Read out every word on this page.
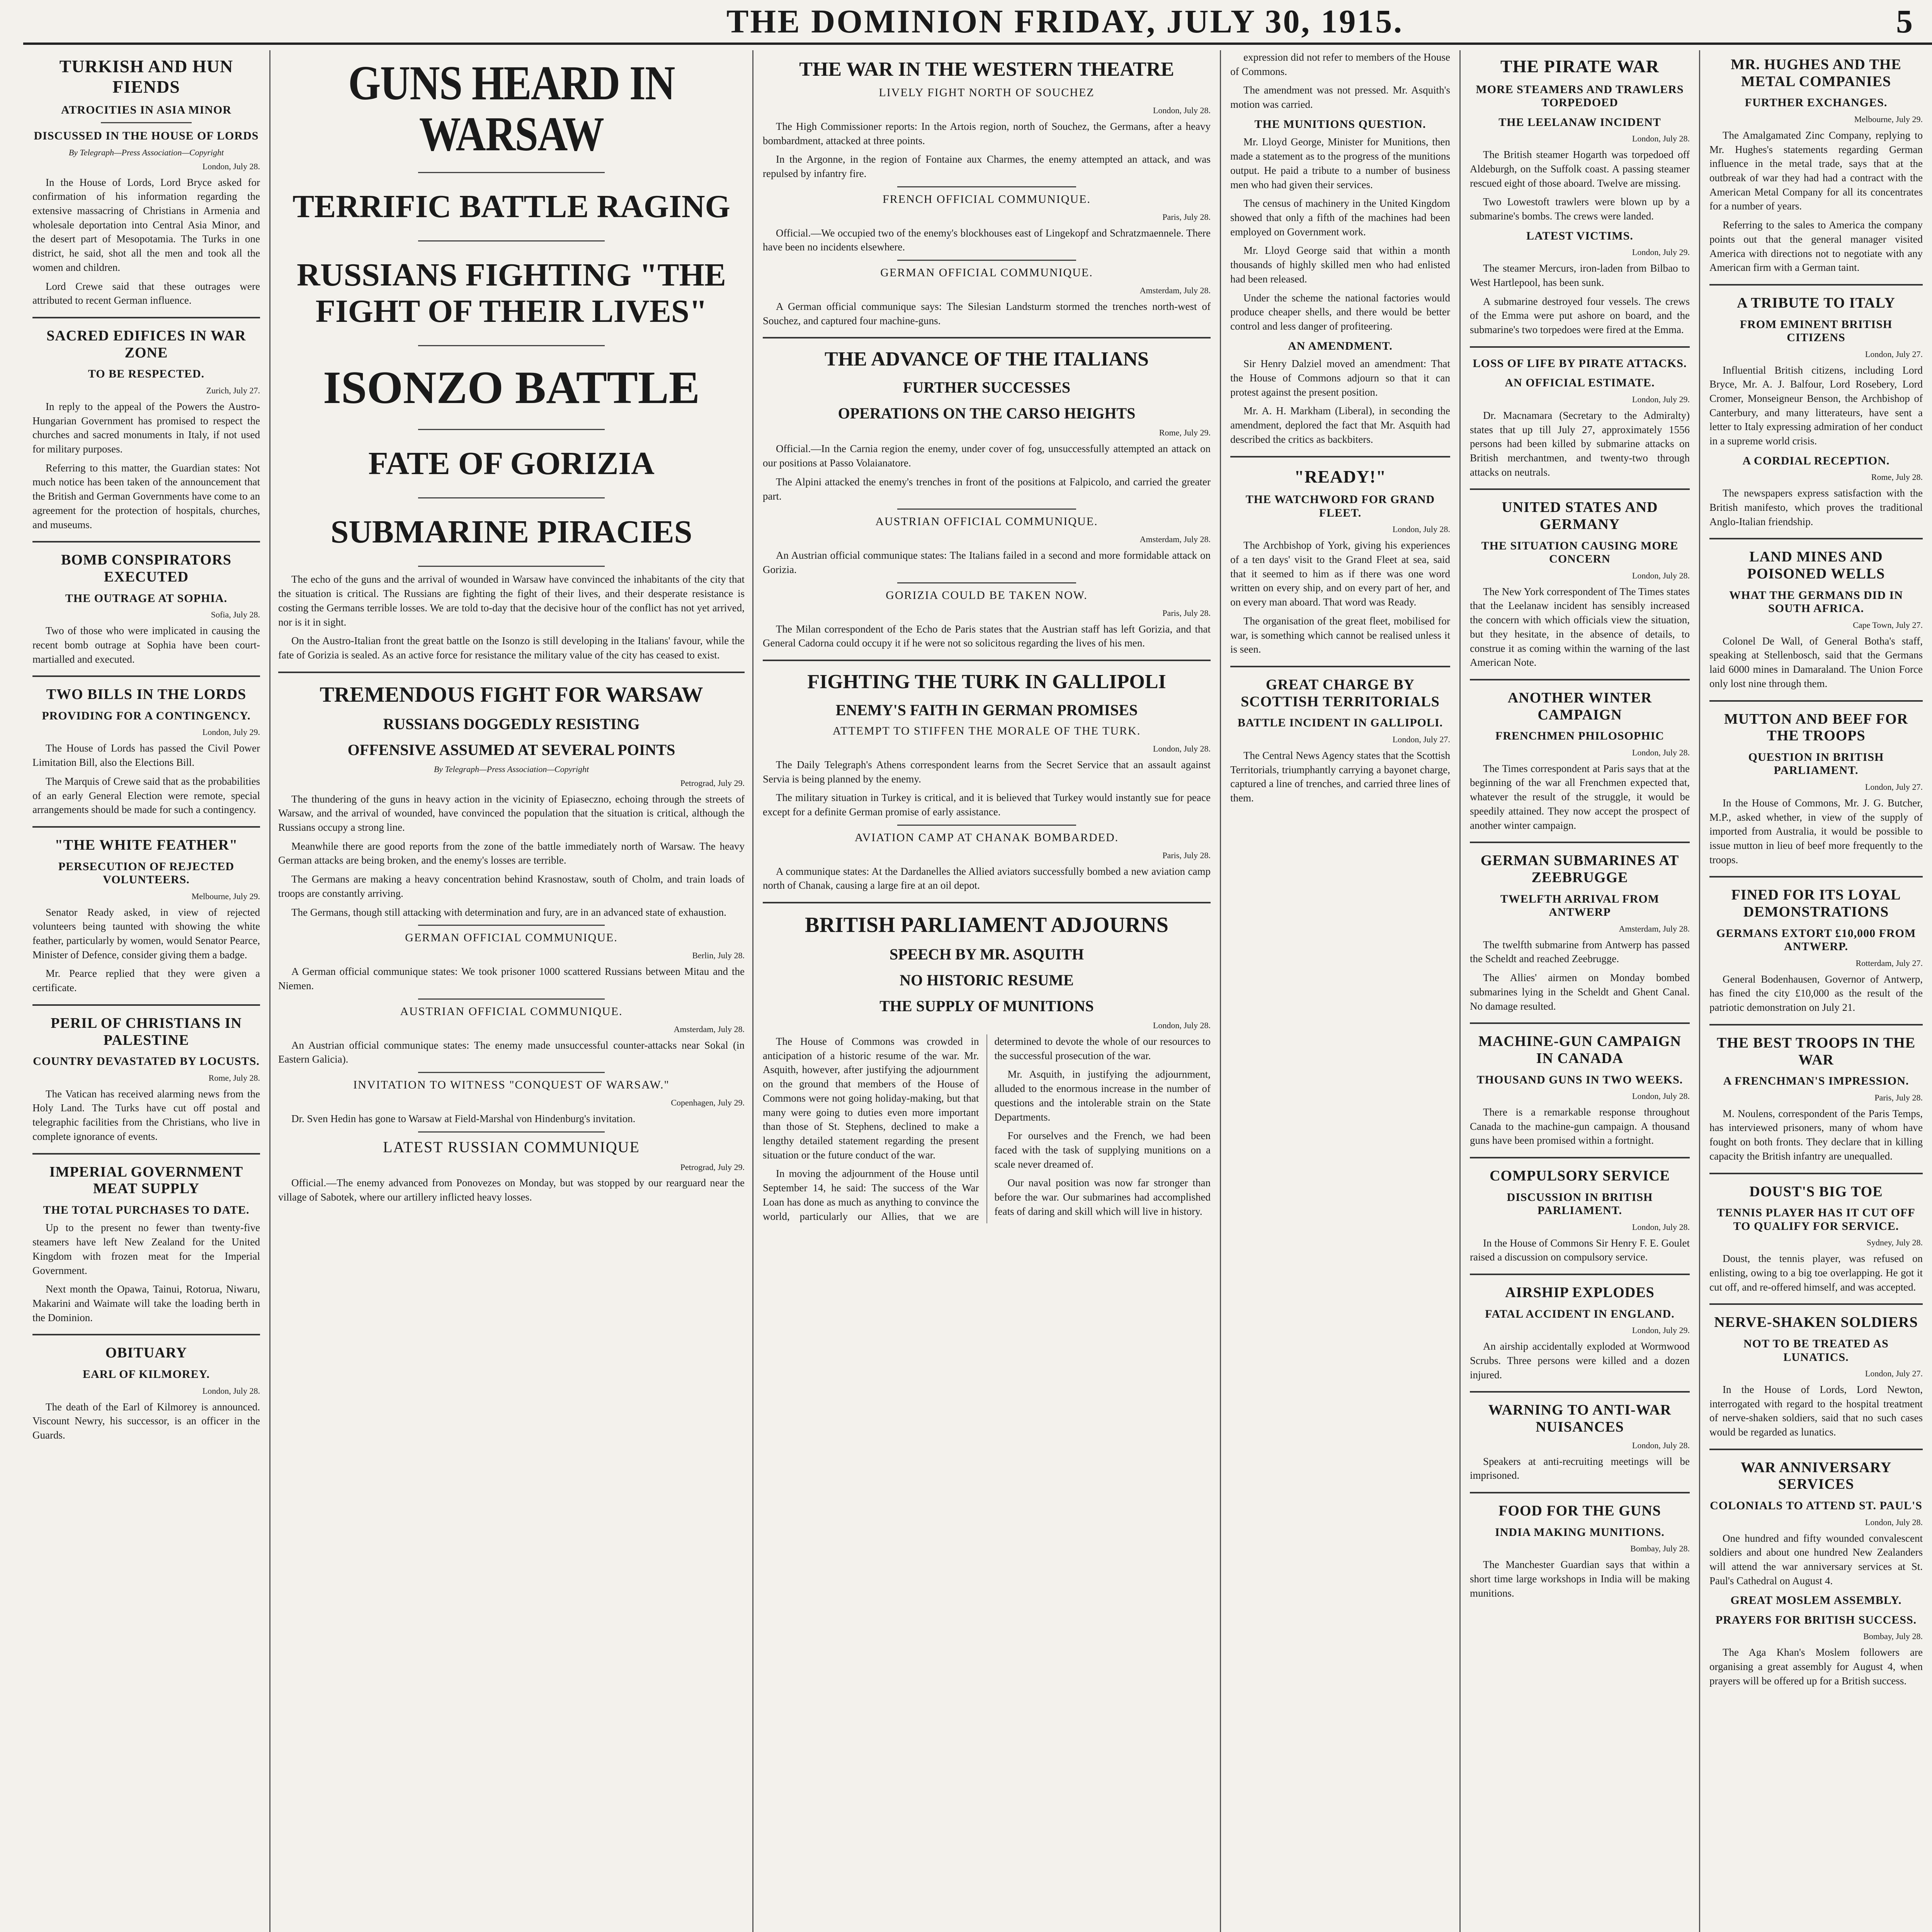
THE DOMINION FRIDAY, JULY 30, 1915.	5
TURKISH AND HUN FIENDS
ATROCITIES IN ASIA MINOR
DISCUSSED IN THE HOUSE OF LORDS

By Telegraph—Press Association—Copyright

London, July 28.

In the House of Lords, Lord Bryce asked for confirmation of his information regarding the extensive massacring of Christians in Armenia and wholesale deportation into Central Asia Minor, and the desert part of Mesopotamia. The Turks in one district, he said, shot all the men and took all the women and children.

Lord Crewe said that these outrages were attributed to recent German influence.

SACRED EDIFICES IN WAR ZONE
TO BE RESPECTED.

Zurich, July 27.

In reply to the appeal of the Powers the Austro-Hungarian Government has promised to respect the churches and sacred monuments in Italy, if not used for military purposes.

Referring to this matter, the Guardian states: Not much notice has been taken of the announcement that the British and German Governments have come to an agreement for the protection of hospitals, churches, and museums.

BOMB CONSPIRATORS EXECUTED
THE OUTRAGE AT SOPHIA.

Sofia, July 28.

Two of those who were implicated in causing the recent bomb outrage at Sophia have been court-martialled and executed.

TWO BILLS IN THE LORDS
PROVIDING FOR A CONTINGENCY.

London, July 29.

The House of Lords has passed the Civil Power Limitation Bill, also the Elections Bill.

The Marquis of Crewe said that as the probabilities of an early General Election were remote, special arrangements should be made for such a contingency.

"THE WHITE FEATHER"
PERSECUTION OF REJECTED VOLUNTEERS.

Melbourne, July 29.

Senator Ready asked, in view of rejected volunteers being taunted with showing the white feather, particularly by women, would Senator Pearce, Minister of Defence, consider giving them a badge.

Mr. Pearce replied that they were given a certificate.

PERIL OF CHRISTIANS IN PALESTINE
COUNTRY DEVASTATED BY LOCUSTS.

Rome, July 28.

The Vatican has received alarming news from the Holy Land. The Turks have cut off postal and telegraphic facilities from the Christians, who live in complete ignorance of events.

IMPERIAL GOVERNMENT MEAT SUPPLY
THE TOTAL PURCHASES TO DATE.

Up to the present no fewer than twenty-five steamers have left New Zealand for the United Kingdom with frozen meat for the Imperial Government.

Next month the Opawa, Tainui, Rotorua, Niwaru, Makarini and Waimate will take the loading berth in the Dominion.

OBITUARY
EARL OF KILMOREY.

London, July 28.

The death of the Earl of Kilmorey is announced. Viscount Newry, his successor, is an officer in the Guards.

GUNS HEARD IN WARSAW
TERRIFIC BATTLE RAGING
RUSSIANS FIGHTING "THE FIGHT OF THEIR LIVES"
ISONZO BATTLE
FATE OF GORIZIA
SUBMARINE PIRACIES

The echo of the guns and the arrival of wounded in Warsaw have convinced the inhabitants of the city that the situation is critical. The Russians are fighting the fight of their lives, and their desperate resistance is costing the Germans terrible losses. We are told to-day that the decisive hour of the conflict has not yet arrived, nor is it in sight.

On the Austro-Italian front the great battle on the Isonzo is still developing in the Italians' favour, while the fate of Gorizia is sealed. As an active force for resistance the military value of the city has ceased to exist.

TREMENDOUS FIGHT FOR WARSAW
RUSSIANS DOGGEDLY RESISTING
OFFENSIVE ASSUMED AT SEVERAL POINTS

By Telegraph—Press Association—Copyright

Petrograd, July 29.

The thundering of the guns in heavy action in the vicinity of Epiaseczno, echoing through the streets of Warsaw, and the arrival of wounded, have convinced the population that the situation is critical, although the Russians occupy a strong line.

Meanwhile there are good reports from the zone of the battle immediately north of Warsaw. The heavy German attacks are being broken, and the enemy's losses are terrible.

The Germans are making a heavy concentration behind Krasnostaw, south of Cholm, and train loads of troops are constantly arriving.

The Germans, though still attacking with determination and fury, are in an advanced state of exhaustion.

GERMAN OFFICIAL COMMUNIQUE.

Berlin, July 28.

A German official communique states: We took prisoner 1000 scattered Russians between Mitau and the Niemen.

AUSTRIAN OFFICIAL COMMUNIQUE.

Amsterdam, July 28.

An Austrian official communique states: The enemy made unsuccessful counter-attacks near Sokal (in Eastern Galicia).

INVITATION TO WITNESS "CONQUEST OF WARSAW."

Copenhagen, July 29.

Dr. Sven Hedin has gone to Warsaw at Field-Marshal von Hindenburg's invitation.

LATEST RUSSIAN COMMUNIQUE

Petrograd, July 29.

Official.—The enemy advanced from Ponovezes on Monday, but was stopped by our rearguard near the village of Sabotek, where our artillery inflicted heavy losses.

THE WAR IN THE WESTERN THEATRE
LIVELY FIGHT NORTH OF SOUCHEZ

London, July 28.

The High Commissioner reports: In the Artois region, north of Souchez, the Germans, after a heavy bombardment, attacked at three points.

In the Argonne, in the region of Fontaine aux Charmes, the enemy attempted an attack, and was repulsed by infantry fire.

FRENCH OFFICIAL COMMUNIQUE.

Paris, July 28.

Official.—We occupied two of the enemy's blockhouses east of Lingekopf and Schratzmaennele. There have been no incidents elsewhere.

GERMAN OFFICIAL COMMUNIQUE.

Amsterdam, July 28.

A German official communique says: The Silesian Landsturm stormed the trenches north-west of Souchez, and captured four machine-guns.

THE ADVANCE OF THE ITALIANS
FURTHER SUCCESSES
OPERATIONS ON THE CARSO HEIGHTS

Rome, July 29.

Official.—In the Carnia region the enemy, under cover of fog, unsuccessfully attempted an attack on our positions at Passo Volaianatore.

The Alpini attacked the enemy's trenches in front of the positions at Falpicolo, and carried the greater part.

AUSTRIAN OFFICIAL COMMUNIQUE.

Amsterdam, July 28.

An Austrian official communique states: The Italians failed in a second and more formidable attack on Gorizia.

GORIZIA COULD BE TAKEN NOW.

Paris, July 28.

The Milan correspondent of the Echo de Paris states that the Austrian staff has left Gorizia, and that General Cadorna could occupy it if he were not so solicitous regarding the lives of his men.

FIGHTING THE TURK IN GALLIPOLI
ENEMY'S FAITH IN GERMAN PROMISES
ATTEMPT TO STIFFEN THE MORALE OF THE TURK.

London, July 28.

The Daily Telegraph's Athens correspondent learns from the Secret Service that an assault against Servia is being planned by the enemy.

The military situation in Turkey is critical, and it is believed that Turkey would instantly sue for peace except for a definite German promise of early assistance.

AVIATION CAMP AT CHANAK BOMBARDED.

Paris, July 28.

A communique states: At the Dardanelles the Allied aviators successfully bombed a new aviation camp north of Chanak, causing a large fire at an oil depot.

BRITISH PARLIAMENT ADJOURNS
SPEECH BY MR. ASQUITH
NO HISTORIC RESUME
THE SUPPLY OF MUNITIONS

London, July 28.

The House of Commons was crowded in anticipation of a historic resume of the war. Mr. Asquith, however, after justifying the adjournment on the ground that members of the House of Commons were not going holiday-making, but that many were going to duties even more important than those of St. Stephens, declined to make a lengthy detailed statement regarding the present situation or the future conduct of the war.

In moving the adjournment of the House until September 14, he said: The success of the War Loan has done as much as anything to convince the world, particularly our Allies, that we are determined to devote the whole of our resources to the successful prosecution of the war.

Mr. Asquith, in justifying the adjournment, alluded to the enormous increase in the number of questions and the intolerable strain on the State Departments.

For ourselves and the French, we had been faced with the task of supplying munitions on a scale never dreamed of.

Our naval position was now far stronger than before the war. Our submarines had accomplished feats of daring and skill which will live in history.

expression did not refer to members of the House of Commons.

The amendment was not pressed. Mr. Asquith's motion was carried.

THE MUNITIONS QUESTION.

Mr. Lloyd George, Minister for Munitions, then made a statement as to the progress of the munitions output. He paid a tribute to a number of business men who had given their services.

The census of machinery in the United Kingdom showed that only a fifth of the machines had been employed on Government work.

Mr. Lloyd George said that within a month thousands of highly skilled men who had enlisted had been released.

Under the scheme the national factories would produce cheaper shells, and there would be better control and less danger of profiteering.

AN AMENDMENT.

Sir Henry Dalziel moved an amendment: That the House of Commons adjourn so that it can protest against the present position.

Mr. A. H. Markham (Liberal), in seconding the amendment, deplored the fact that Mr. Asquith had described the critics as backbiters.

"READY!"
THE WATCHWORD FOR GRAND FLEET.

London, July 28.

The Archbishop of York, giving his experiences of a ten days' visit to the Grand Fleet at sea, said that it seemed to him as if there was one word written on every ship, and on every part of her, and on every man aboard. That word was Ready.

The organisation of the great fleet, mobilised for war, is something which cannot be realised unless it is seen.

GREAT CHARGE BY SCOTTISH TERRITORIALS
BATTLE INCIDENT IN GALLIPOLI.

London, July 27.

The Central News Agency states that the Scottish Territorials, triumphantly carrying a bayonet charge, captured a line of trenches, and carried three lines of them.

THE PIRATE WAR
MORE STEAMERS AND TRAWLERS TORPEDOED
THE LEELANAW INCIDENT

London, July 28.

The British steamer Hogarth was torpedoed off Aldeburgh, on the Suffolk coast. A passing steamer rescued eight of those aboard. Twelve are missing.

Two Lowestoft trawlers were blown up by a submarine's bombs. The crews were landed.

LATEST VICTIMS.

London, July 29.

The steamer Mercurs, iron-laden from Bilbao to West Hartlepool, has been sunk.

A submarine destroyed four vessels. The crews of the Emma were put ashore on board, and the submarine's two torpedoes were fired at the Emma.

LOSS OF LIFE BY PIRATE ATTACKS.
AN OFFICIAL ESTIMATE.

London, July 29.

Dr. Macnamara (Secretary to the Admiralty) states that up till July 27, approximately 1556 persons had been killed by submarine attacks on British merchantmen, and twenty-two through attacks on neutrals.

UNITED STATES AND GERMANY
THE SITUATION CAUSING MORE CONCERN

London, July 28.

The New York correspondent of The Times states that the Leelanaw incident has sensibly increased the concern with which officials view the situation, but they hesitate, in the absence of details, to construe it as coming within the warning of the last American Note.

ANOTHER WINTER CAMPAIGN
FRENCHMEN PHILOSOPHIC

London, July 28.

The Times correspondent at Paris says that at the beginning of the war all Frenchmen expected that, whatever the result of the struggle, it would be speedily attained. They now accept the prospect of another winter campaign.

GERMAN SUBMARINES AT ZEEBRUGGE
TWELFTH ARRIVAL FROM ANTWERP

Amsterdam, July 28.

The twelfth submarine from Antwerp has passed the Scheldt and reached Zeebrugge.

The Allies' airmen on Monday bombed submarines lying in the Scheldt and Ghent Canal. No damage resulted.

MACHINE-GUN CAMPAIGN IN CANADA
THOUSAND GUNS IN TWO WEEKS.

London, July 28.

There is a remarkable response throughout Canada to the machine-gun campaign. A thousand guns have been promised within a fortnight.

COMPULSORY SERVICE
DISCUSSION IN BRITISH PARLIAMENT.

London, July 28.

In the House of Commons Sir Henry F. E. Goulet raised a discussion on compulsory service.

AIRSHIP EXPLODES
FATAL ACCIDENT IN ENGLAND.

London, July 29.

An airship accidentally exploded at Wormwood Scrubs. Three persons were killed and a dozen injured.

WARNING TO ANTI-WAR NUISANCES

London, July 28.

Speakers at anti-recruiting meetings will be imprisoned.

FOOD FOR THE GUNS
INDIA MAKING MUNITIONS.

Bombay, July 28.

The Manchester Guardian says that within a short time large workshops in India will be making munitions.

MR. HUGHES AND THE METAL COMPANIES
FURTHER EXCHANGES.

Melbourne, July 29.

The Amalgamated Zinc Company, replying to Mr. Hughes's statements regarding German influence in the metal trade, says that at the outbreak of war they had had a contract with the American Metal Company for all its concentrates for a number of years.

Referring to the sales to America the company points out that the general manager visited America with directions not to negotiate with any American firm with a German taint.

A TRIBUTE TO ITALY
FROM EMINENT BRITISH CITIZENS

London, July 27.

Influential British citizens, including Lord Bryce, Mr. A. J. Balfour, Lord Rosebery, Lord Cromer, Monseigneur Benson, the Archbishop of Canterbury, and many litterateurs, have sent a letter to Italy expressing admiration of her conduct in a supreme world crisis.

A CORDIAL RECEPTION.

Rome, July 28.

The newspapers express satisfaction with the British manifesto, which proves the traditional Anglo-Italian friendship.

LAND MINES AND POISONED WELLS
WHAT THE GERMANS DID IN SOUTH AFRICA.

Cape Town, July 27.

Colonel De Wall, of General Botha's staff, speaking at Stellenbosch, said that the Germans laid 6000 mines in Damaraland. The Union Force only lost nine through them.

MUTTON AND BEEF FOR THE TROOPS
QUESTION IN BRITISH PARLIAMENT.

London, July 27.

In the House of Commons, Mr. J. G. Butcher, M.P., asked whether, in view of the supply of imported from Australia, it would be possible to issue mutton in lieu of beef more frequently to the troops.

FINED FOR ITS LOYAL DEMONSTRATIONS
GERMANS EXTORT £10,000 FROM ANTWERP.

Rotterdam, July 27.

General Bodenhausen, Governor of Antwerp, has fined the city £10,000 as the result of the patriotic demonstration on July 21.

THE BEST TROOPS IN THE WAR
A FRENCHMAN'S IMPRESSION.

Paris, July 28.

M. Noulens, correspondent of the Paris Temps, has interviewed prisoners, many of whom have fought on both fronts. They declare that in killing capacity the British infantry are unequalled.

DOUST'S BIG TOE
TENNIS PLAYER HAS IT CUT OFF TO QUALIFY FOR SERVICE.

Sydney, July 28.

Doust, the tennis player, was refused on enlisting, owing to a big toe overlapping. He got it cut off, and re-offered himself, and was accepted.

NERVE-SHAKEN SOLDIERS
NOT TO BE TREATED AS LUNATICS.

London, July 27.

In the House of Lords, Lord Newton, interrogated with regard to the hospital treatment of nerve-shaken soldiers, said that no such cases would be regarded as lunatics.

WAR ANNIVERSARY SERVICES
COLONIALS TO ATTEND ST. PAUL'S

London, July 28.

One hundred and fifty wounded convalescent soldiers and about one hundred New Zealanders will attend the war anniversary services at St. Paul's Cathedral on August 4.

GREAT MOSLEM ASSEMBLY.
PRAYERS FOR BRITISH SUCCESS.

Bombay, July 28.

The Aga Khan's Moslem followers are organising a great assembly for August 4, when prayers will be offered up for a British success.
